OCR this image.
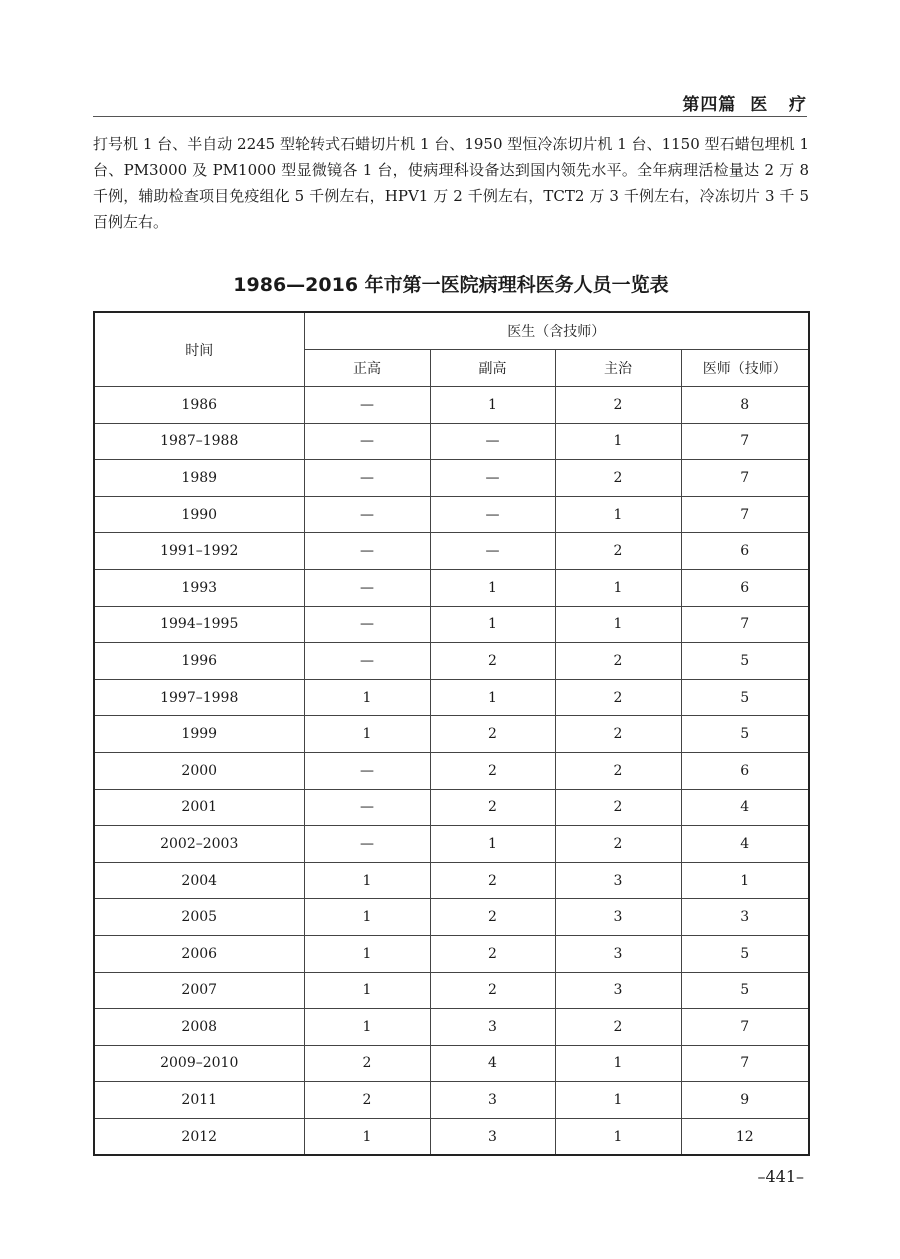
第四篇  医   疗

打号机 1 台、半自动 2245 型轮转式石蜡切片机 1 台、1950 型恒冷冻切片机 1 台、1150 型石蜡包埋机 1 台、PM3000 及 PM1000 型显微镜各 1 台，使病理科设备达到国内领先水平。全年病理活检量达 2 万 8 千例，辅助检查项目免疫组化 5 千例左右，HPV1 万 2 千例左右，TCT2 万 3 千例左右，冷冻切片 3 千 5 百例左右。

1986—2016 年市第一医院病理科医务人员一览表
时间	医生（含技师）			
	正高	副高	主治	医师（技师）
1986	—	1	2	8
1987–1988	—	—	1	7
1989	—	—	2	7
1990	—	—	1	7
1991–1992	—	—	2	6
1993	—	1	1	6
1994–1995	—	1	1	7
1996	—	2	2	5
1997–1998	1	1	2	5
1999	1	2	2	5
2000	—	2	2	6
2001	—	2	2	4
2002–2003	—	1	2	4
2004	1	2	3	1
2005	1	2	3	3
2006	1	2	3	5
2007	1	2	3	5
2008	1	3	2	7
2009–2010	2	4	1	7
2011	2	3	1	9
2012	1	3	1	12
–441–
